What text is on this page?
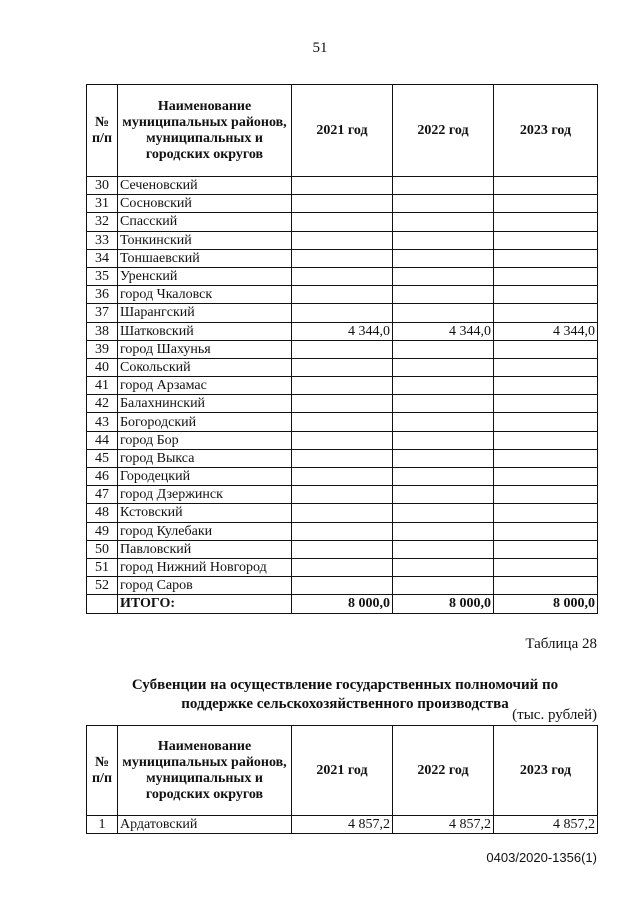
51
№ п/п	Наименование муниципальных районов, муниципальных и городских округов	2021 год	2022 год	2023 год
30	Сеченовский			
31	Сосновский			
32	Спасский			
33	Тонкинский			
34	Тоншаевский			
35	Уренский			
36	город Чкаловск			
37	Шарангский			
38	Шатковский	4 344,0	4 344,0	4 344,0
39	город Шахунья			
40	Сокольский			
41	город Арзамас			
42	Балахнинский			
43	Богородский			
44	город Бор			
45	город Выкса			
46	Городецкий			
47	город Дзержинск			
48	Кстовский			
49	город Кулебаки			
50	Павловский			
51	город Нижний Новгород			
52	город Саров			
	ИТОГО:	8 000,0	8 000,0	8 000,0
Таблица 28
Субвенции на осуществление государственных полномочий по поддержке сельскохозяйственного производства
(тыс. рублей)
№ п/п	Наименование муниципальных районов, муниципальных и городских округов	2021 год	2022 год	2023 год
1	Ардатовский	4 857,2	4 857,2	4 857,2
0403/2020-1356(1)
